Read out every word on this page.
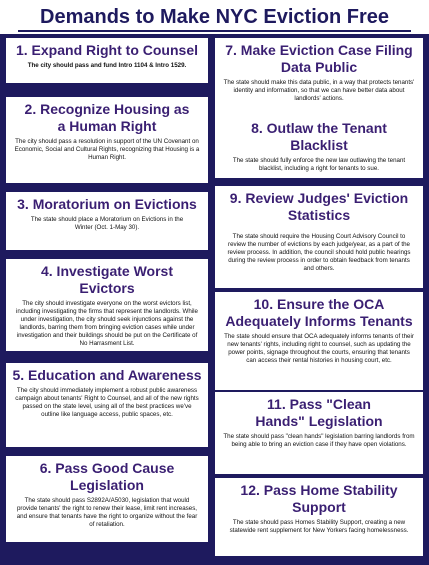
Demands to Make NYC Eviction Free
1. Expand Right to Counsel

The city should pass and fund Intro 1104 & Intro 1529.

2. Recognize Housing as a Human Right

The city should pass a resolution in support of the UN Covenant on Economic, Social and Cultural Rights, recognizing that Housing is a Human Right.

3. Moratorium on Evictions

The state should place a Moratorium on Evictions in the Winter (Oct. 1-May 30).

4. Investigate Worst Evictors

The city should investigate everyone on the worst evictors list, including investigating the firms that represent the landlords. While under investigation, the city should seek injunctions against the landlords, barring them from bringing eviction cases while under investigation and their buildings should be put on the Certificate of No Harrasment List.

5. Education and Awareness

The city should immediately implement a robust public awareness campaign about tenants' Right to Counsel, and all of the new rights passed on the state level, using all of the best practices we've outline like language access, public spaces, etc.

6. Pass Good Cause Legislation

The state should pass S2892A/A5030, legislation that would provide tenants' the right to renew their lease, limit rent increases, and ensure that tenants have the right to organize without the fear of retaliation.

7. Make Eviction Case Filing Data Public

The state should make this data public, in a way that protects tenants' identity and information, so that we can have better data about landlords' actions.

8. Outlaw the Tenant Blacklist

The state should fully enforce the new law outlawing the tenant blacklist, including a right for tenants to sue.

9. Review Judges' Eviction Statistics

The state should require the Housing Court Advisory Council to review the number of evictions by each judge/year, as a part of the review process. In addition, the council should hold public hearings during the review process in order to obtain feedback from tenants and others.

10. Ensure the OCA Adequately Informs Tenants

The state should ensure that OCA adequately informs tenants of their new tenants' rights, including right to counsel, such as updating the power points, signage throughout the courts, ensuring that tenants can access their rental histories in housing court, etc.

11. Pass "Clean Hands" Legislation

The state should pass "clean hands" legislation barring landlords from being able to bring an eviction case if they have open violations.

12. Pass Home Stability Support

The state should pass Homes Stability Support, creating a new statewide rent supplement for New Yorkers facing homelessness.
